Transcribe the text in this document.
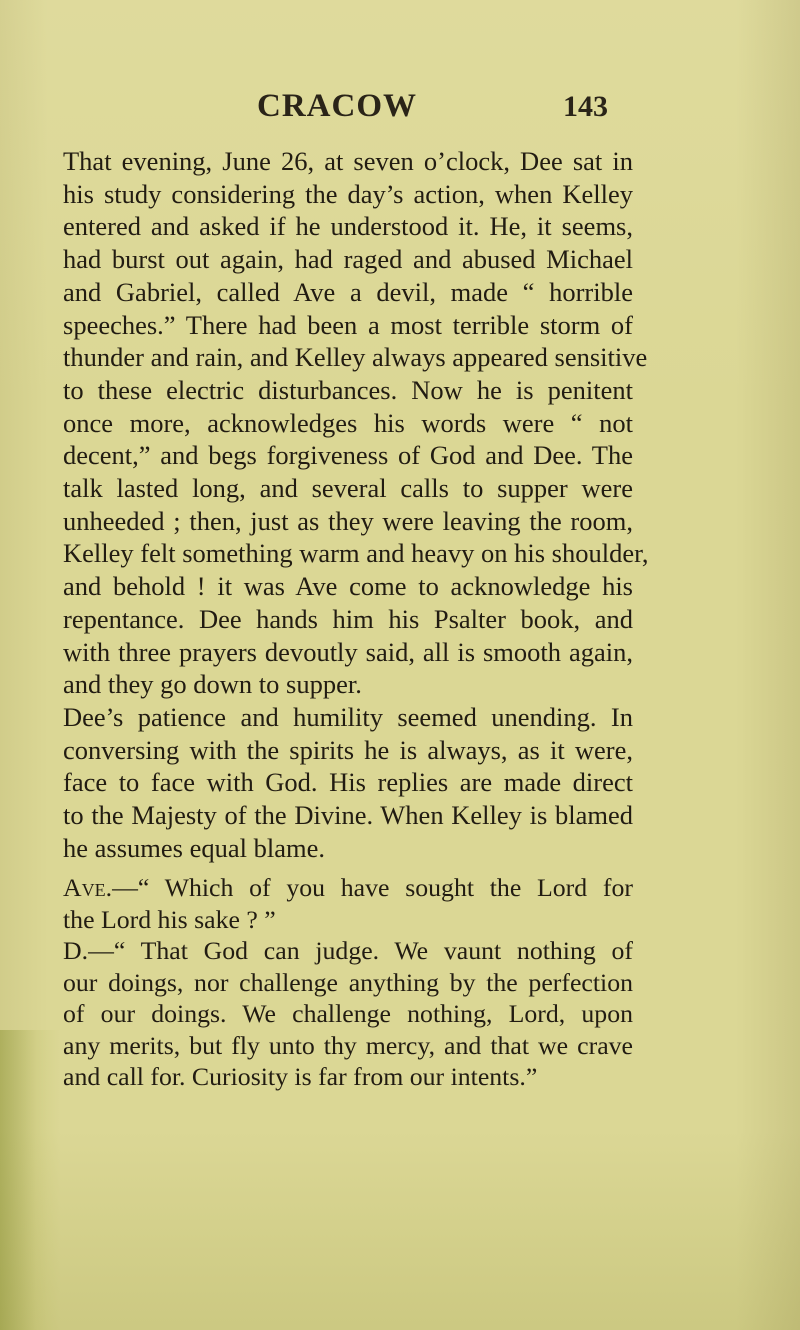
CRACOW	143
That evening, June 26, at seven o’clock, Dee sat in
his study considering the day’s action, when Kelley
entered and asked if he understood it. He, it seems,
had burst out again, had raged and abused Michael
and Gabriel, called Ave a devil, made “ horrible
speeches.” There had been a most terrible storm of
thunder and rain, and Kelley always appeared sensitive
to these electric disturbances. Now he is penitent
once more, acknowledges his words were “ not
decent,” and begs forgiveness of God and Dee. The
talk lasted long, and several calls to supper were
unheeded ; then, just as they were leaving the room,
Kelley felt something warm and heavy on his shoulder,
and behold ! it was Ave come to acknowledge his
repentance. Dee hands him his Psalter book, and
with three prayers devoutly said, all is smooth again,
and they go down to supper.
Dee’s patience and humility seemed unending. In
conversing with the spirits he is always, as it were,
face to face with God. His replies are made direct
to the Majesty of the Divine. When Kelley is blamed
he assumes equal blame.
Ave.—“ Which of you have sought the Lord for
the Lord his sake ? ”
D.—“ That God can judge. We vaunt nothing of
our doings, nor challenge anything by the perfection
of our doings. We challenge nothing, Lord, upon
any merits, but fly unto thy mercy, and that we crave
and call for. Curiosity is far from our intents.”
